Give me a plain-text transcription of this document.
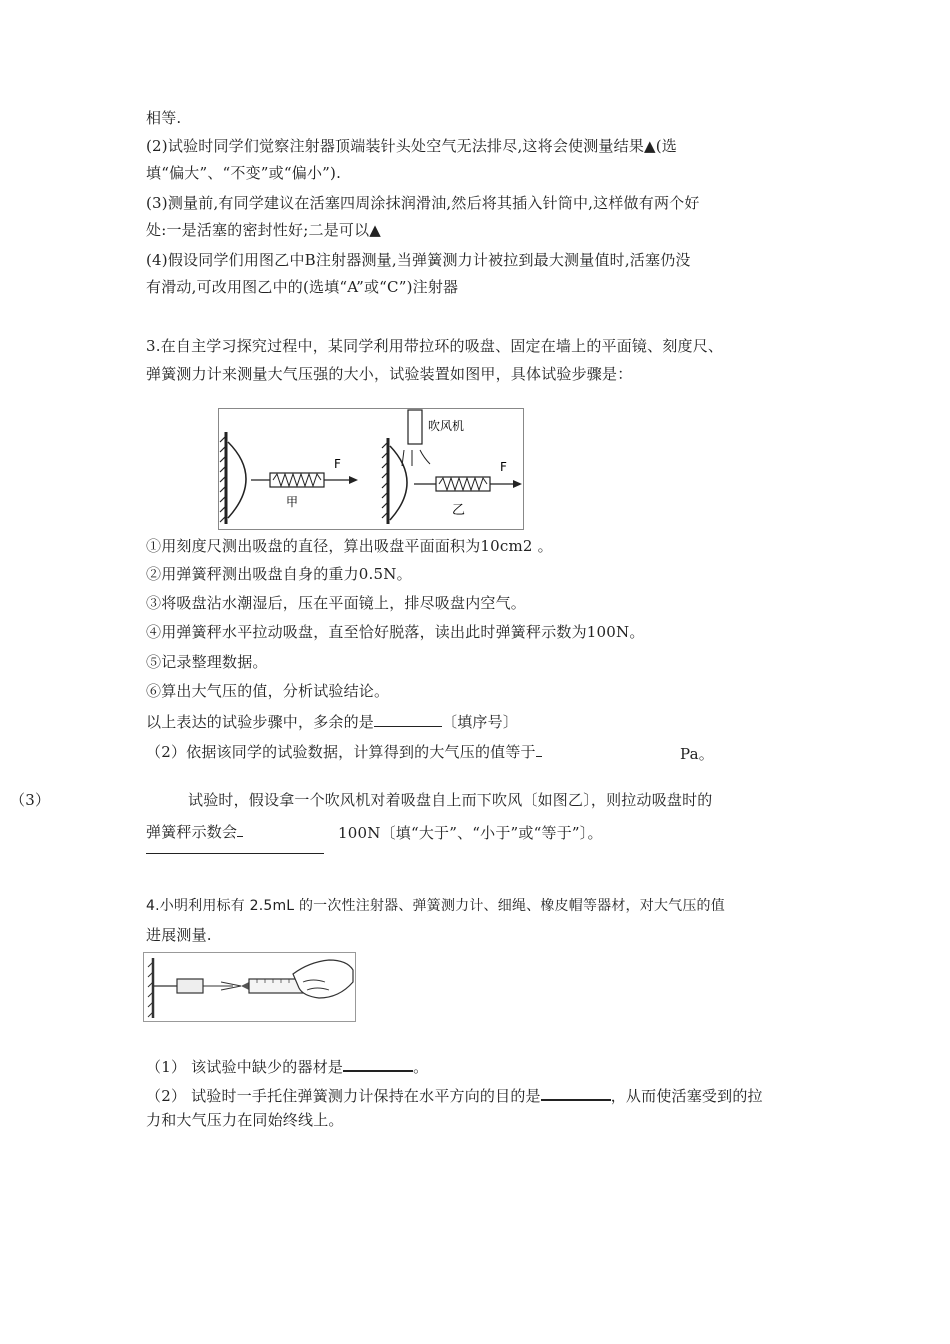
相等.
(2)试验时同学们觉察注射器顶端装针头处空气无法排尽,这将会使测量结果▲(选
填“偏大”、“不变”或“偏小”).
(3)测量前,有同学建议在活塞四周涂抹润滑油,然后将其插入针筒中,这样做有两个好
处:一是活塞的密封性好;二是可以▲
(4)假设同学们用图乙中B注射器测量,当弹簧测力计被拉到最大测量值时,活塞仍没
有滑动,可改用图乙中的(选填“A”或“C”)注射器
3.在自主学习探究过程中，某同学利用带拉环的吸盘、固定在墙上的平面镜、刻度尺、
弹簧测力计来测量大气压强的大小，试验装置如图甲，具体试验步骤是：
F
甲
吹风机
F
乙
①用刻度尺测出吸盘的直径，算出吸盘平面面积为10cm2 。
②用弹簧秤测出吸盘自身的重力0.5N。
③将吸盘沾水潮湿后，压在平面镜上，排尽吸盘内空气。
④用弹簧秤水平拉动吸盘，直至恰好脱落，读出此时弹簧秤示数为100N。
⑤记录整理数据。
⑥算出大气压的值，分析试验结论。
以上表达的试验步骤中，多余的是	〔填序号〕
（2）依据该同学的试验数据，计算得到的大气压的值等于	Pa。
（3）	试验时，假设拿一个吹风机对着吸盘自上而下吹风〔如图乙〕，则拉动吸盘时的
弹簧秤示数会	100N〔填“大于”、“小于”或“等于”〕。
4.小明利用标有 2.5mL 的一次性注射器、弹簧测力计、细绳、橡皮帽等器材，对大气压的值
进展测量.
（1） 该试验中缺少的器材是	。
（2） 试验时一手托住弹簧测力计保持在水平方向的目的是	，从而使活塞受到的拉
力和大气压力在同始终线上。
